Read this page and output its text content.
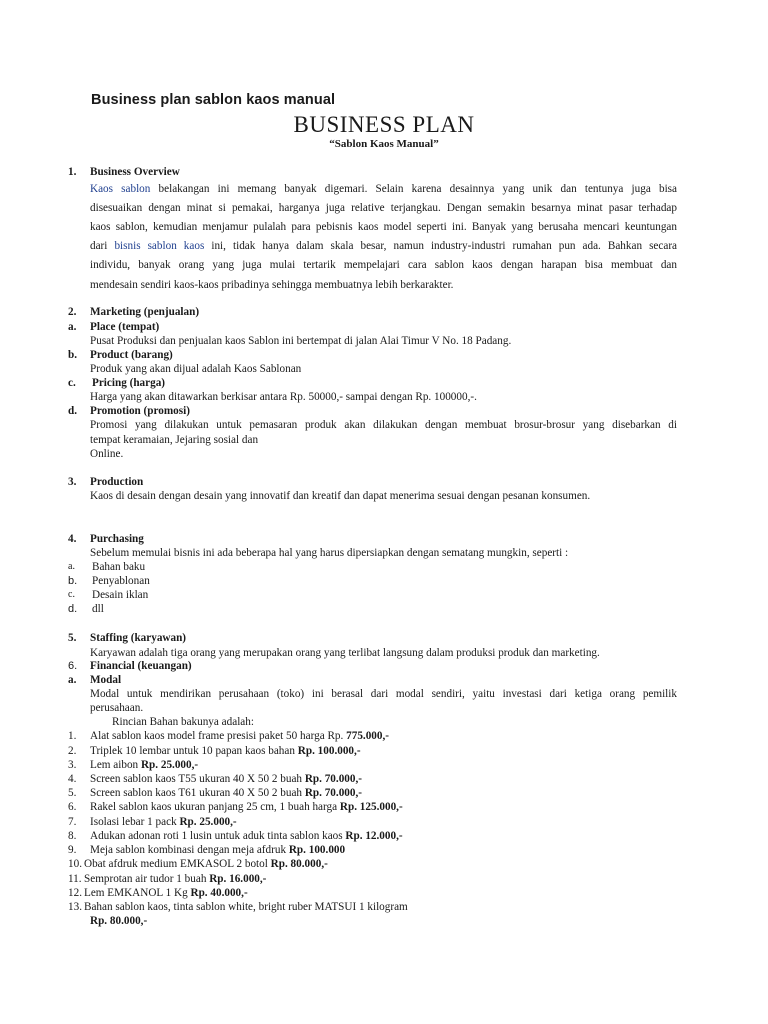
Business plan sablon kaos manual
BUSINESS PLAN
“Sablon Kaos Manual”
1. Business Overview
Kaos sablon belakangan ini memang banyak digemari. Selain karena desainnya yang unik dan tentunya juga bisa
disesuaikan dengan minat si pemakai, harganya juga relative terjangkau. Dengan semakin besarnya minat pasar terhadap
kaos sablon, kemudian menjamur pulalah para pebisnis kaos model seperti ini. Banyak yang berusaha mencari keuntungan
dari bisnis sablon kaos ini, tidak hanya dalam skala besar, namun industry-industri rumahan pun ada. Bahkan secara
individu, banyak orang yang juga mulai tertarik mempelajari cara sablon kaos dengan harapan bisa membuat dan
mendesain sendiri kaos-kaos pribadinya sehingga membuatnya lebih berkarakter.
2. Marketing (penjualan)
a. Place (tempat)
Pusat Produksi dan penjualan kaos Sablon ini bertempat di jalan Alai Timur V No. 18 Padang.
b. Product (barang)
Produk yang akan dijual adalah Kaos Sablonan
c. Pricing (harga)
Harga yang akan ditawarkan berkisar antara Rp. 50000,- sampai dengan Rp. 100000,-.
d. Promotion (promosi)
Promosi yang dilakukan untuk pemasaran produk akan dilakukan dengan membuat brosur-brosur yang disebarkan di
tempat keramaian, Jejaring sosial dan
Online.
3. Production
Kaos di desain dengan desain yang innovatif dan kreatif dan dapat menerima sesuai dengan pesanan konsumen.
4. Purchasing
Sebelum memulai bisnis ini ada beberapa hal yang harus dipersiapkan dengan sematang mungkin, seperti :
a. Bahan baku
b. Penyablonan
c. Desain iklan
d. dll
5. Staffing (karyawan)
Karyawan adalah tiga orang yang merupakan orang yang terlibat langsung dalam produksi produk dan marketing.
6. Financial (keuangan)
a. Modal
Modal untuk mendirikan perusahaan (toko) ini berasal dari modal sendiri, yaitu investasi dari ketiga orang pemilik
perusahaan.
Rincian Bahan bakunya adalah:
1. Alat sablon kaos model frame presisi paket 50 harga Rp. 775.000,-
2. Triplek 10 lembar untuk 10 papan kaos bahan Rp. 100.000,-
3. Lem aibon Rp. 25.000,-
4. Screen sablon kaos T55 ukuran 40 X 50 2 buah Rp. 70.000,-
5. Screen sablon kaos T61 ukuran 40 X 50 2 buah Rp. 70.000,-
6. Rakel sablon kaos ukuran panjang 25 cm, 1 buah harga Rp. 125.000,-
7. Isolasi lebar 1 pack Rp. 25.000,-
8. Adukan adonan roti 1 lusin untuk aduk tinta sablon kaos Rp. 12.000,-
9. Meja sablon kombinasi dengan meja afdruk Rp. 100.000
10. Obat afdruk medium EMKASOL 2 botol Rp. 80.000,-
11. Semprotan air tudor 1 buah Rp. 16.000,-
12. Lem EMKANOL 1 Kg Rp. 40.000,-
13. Bahan sablon kaos, tinta sablon white, bright ruber MATSUI 1 kilogram
Rp. 80.000,-
